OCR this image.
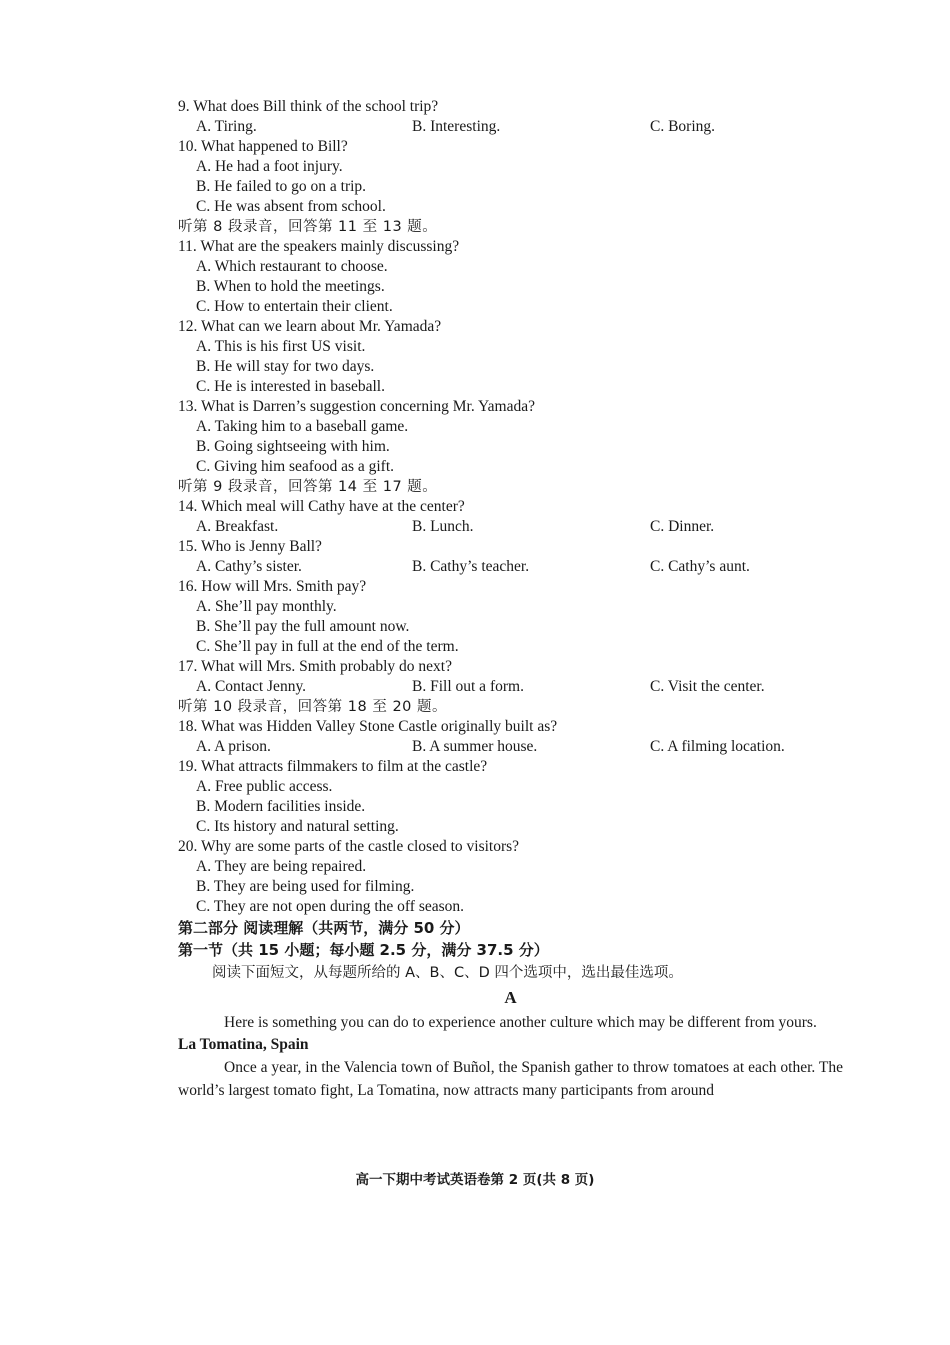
9. What does Bill think of the school trip?
A. Tiring.	B. Interesting.	C. Boring.
10. What happened to Bill?
A. He had a foot injury.
B. He failed to go on a trip.
C. He was absent from school.
听第 8 段录音，回答第 11 至 13 题。
11. What are the speakers mainly discussing?
A. Which restaurant to choose.
B. When to hold the meetings.
C. How to entertain their client.
12. What can we learn about Mr. Yamada?
A. This is his first US visit.
B. He will stay for two days.
C. He is interested in baseball.
13. What is Darren’s suggestion concerning Mr. Yamada?
A. Taking him to a baseball game.
B. Going sightseeing with him.
C. Giving him seafood as a gift.
听第 9 段录音，回答第 14 至 17 题。
14. Which meal will Cathy have at the center?
A. Breakfast.	B. Lunch.	C. Dinner.
15. Who is Jenny Ball?
A. Cathy’s sister.	B. Cathy’s teacher.	C. Cathy’s aunt.
16. How will Mrs. Smith pay?
A. She’ll pay monthly.
B. She’ll pay the full amount now.
C. She’ll pay in full at the end of the term.
17. What will Mrs. Smith probably do next?
A. Contact Jenny.	B. Fill out a form.	C. Visit the center.
听第 10 段录音，回答第 18 至 20 题。
18. What was Hidden Valley Stone Castle originally built as?
A. A prison.	B. A summer house.	C. A filming location.
19. What attracts filmmakers to film at the castle?
A. Free public access.
B. Modern facilities inside.
C. Its history and natural setting.
20. Why are some parts of the castle closed to visitors?
A. They are being repaired.
B. They are being used for filming.
C. They are not open during the off season.
第二部分 阅读理解（共两节，满分 50 分）
第一节（共 15 小题；每小题 2.5 分，满分 37.5 分）
阅读下面短文，从每题所给的 A、B、C、D 四个选项中，选出最佳选项。
A
Here is something you can do to experience another culture which may be different from yours.
La Tomatina, Spain
Once a year, in the Valencia town of Buñol, the Spanish gather to throw tomatoes at each other. The world’s largest tomato fight, La Tomatina, now attracts many participants from around
高一下期中考试英语卷第 2 页(共 8 页)
